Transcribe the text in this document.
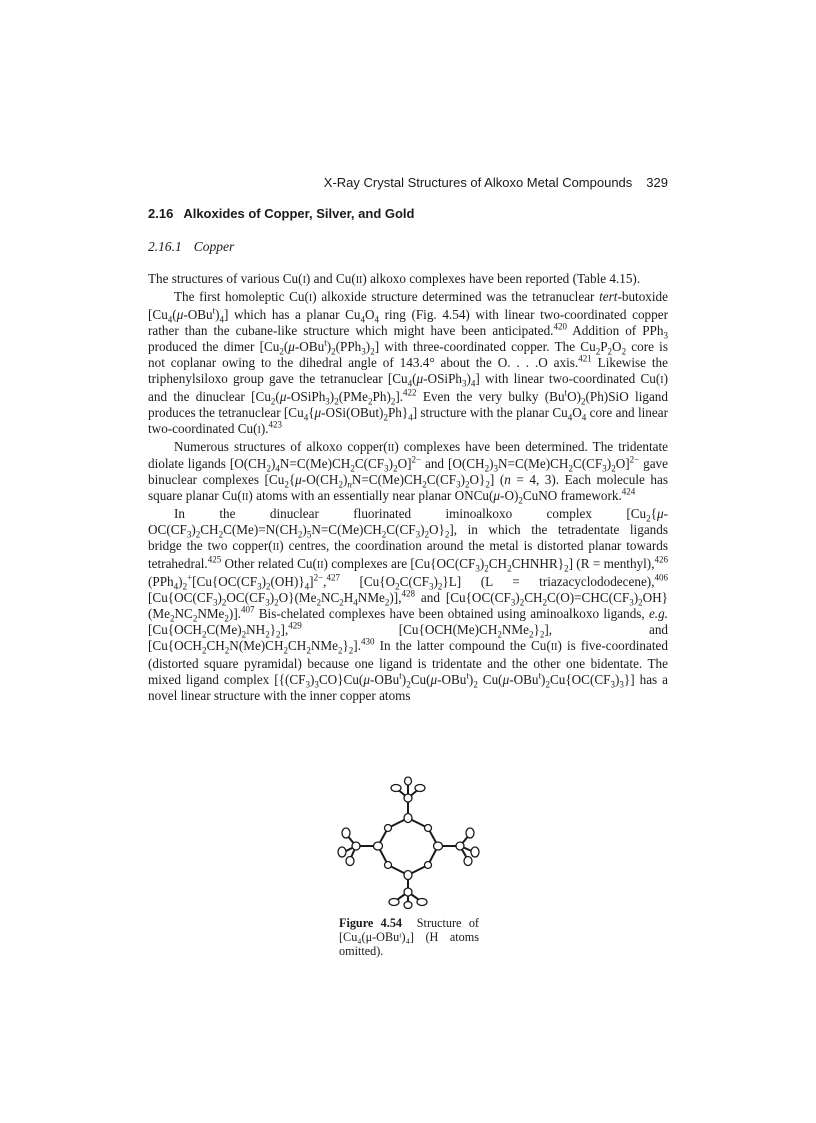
X-Ray Crystal Structures of Alkoxo Metal Compounds 329
2.16 Alkoxides of Copper, Silver, and Gold
2.16.1 Copper

The structures of various Cu(I) and Cu(II) alkoxo complexes have been reported (Table 4.15).

The first homoleptic Cu(I) alkoxide structure determined was the tetranuclear tert-butoxide $[Cu_4(\mu-OBu^t)_4]$ which has a planar $Cu_4O_4$ ring (Fig. 4.54) with linear two-coordinated copper rather than the cubane-like structure which might have been anticipated.$^{420}$ Addition of PPh$_3$ produced the dimer $[Cu_2(\mu-OBu^t)_2(PPh_3)_2]$ with three-coordinated copper. The $Cu_2P_2O_2$ core is not coplanar owing to the dihedral angle of 143.4° about the O. . . .O axis.$^{421}$ Likewise the triphenylsiloxo group gave the tetranuclear $[Cu_4(\mu-OSiPh_3)_4]$ with linear two-coordinated Cu(I) and the dinuclear $[Cu_2(\mu-OSiPh_3)_2(PMe_2Ph)_2].^{422}$ Even the very bulky $(Bu^tO)_2(Ph)SiO$ ligand produces the tetranuclear $[Cu_4\{\mu-OSi(OBut)_2Ph\}_4]$ structure with the planar $Cu_4O_4$ core and linear two-coordinated Cu(I).$^{423}$

Numerous structures of alkoxo copper(II) complexes have been determined. The tridentate diolate ligands $[O(CH_2)_4N=C(Me)CH_2C(CF_3)_2O]^{2-}$ and $[O(CH_2)_3N=C(Me)CH_2C(CF_3)_2O]^{2-}$ gave binuclear complexes $[Cu_2\{\mu-O(CH_2)_nN=C(Me)CH_2C(CF_3)_2O\}_2] (n = 4$, 3). Each molecule has square planar Cu(II) atoms with an essentially near planar $ONCu(\mu-O)_2CuNO$ framework.$^{424}$

In the dinuclear fluorinated iminoalkoxo complex $[Cu_2\{\mu-OC(CF_3)_2CH_2C(Me)=N(CH_2)_5N=C(Me)CH_2C(CF_3)_2O\}_2]$, in which the tetradentate ligands bridge the two copper(II) centres, the coordination around the metal is distorted planar towards tetrahedral.$^{425}$ Other related Cu(II) complexes are $[Cu\{OC(CF_3)_2CH_2CHNHR\}_2] (R$ = menthyl),$^{426}$ $(PPh_4)_2^+[Cu\{OC(CF_3)_2(OH)\}_4]^{2-},^{427}$ $[Cu\{O_2C(CF_3)_2\}L] (L$ = triazacyclododecene),$^{406}$ $[Cu\{OC(CF_3)_2OC(CF_3)_2O\}(Me_2NC_2H_4NMe_2)],^{428}$ and $[Cu\{OC(CF_3)_2CH_2C(O)=CHC(CF_3)_2OH\}(Me_2NC_2NMe_2)].^{407}$ Bis-chelated complexes have been obtained using aminoalkoxo ligands, e.g. $[Cu\{OCH_2C(Me)_2NH_2\}_2],^{429}$ $[Cu\{OCH(Me)CH_2NMe_2\}_2]$, and $[Cu\{OCH_2CH_2N(Me)CH_2CH_2NMe_2\}_2].^{430}$ In the latter compound the Cu(II) is five-coordinated (distorted square pyramidal) because one ligand is tridentate and the other one bidentate. The mixed ligand complex [$\{(CF_3)_3CO\}Cu(\mu-OBu^t)_2Cu(\mu-OBu^t)_2$ $Cu(\mu-OBu^t)_2Cu\{OC(CF_3)_3\}$] has a novel linear structure with the inner copper atoms

Figure 4.54 Structure of [Cu₄(μ-OBuᵗ)₄] (H atoms omitted).
